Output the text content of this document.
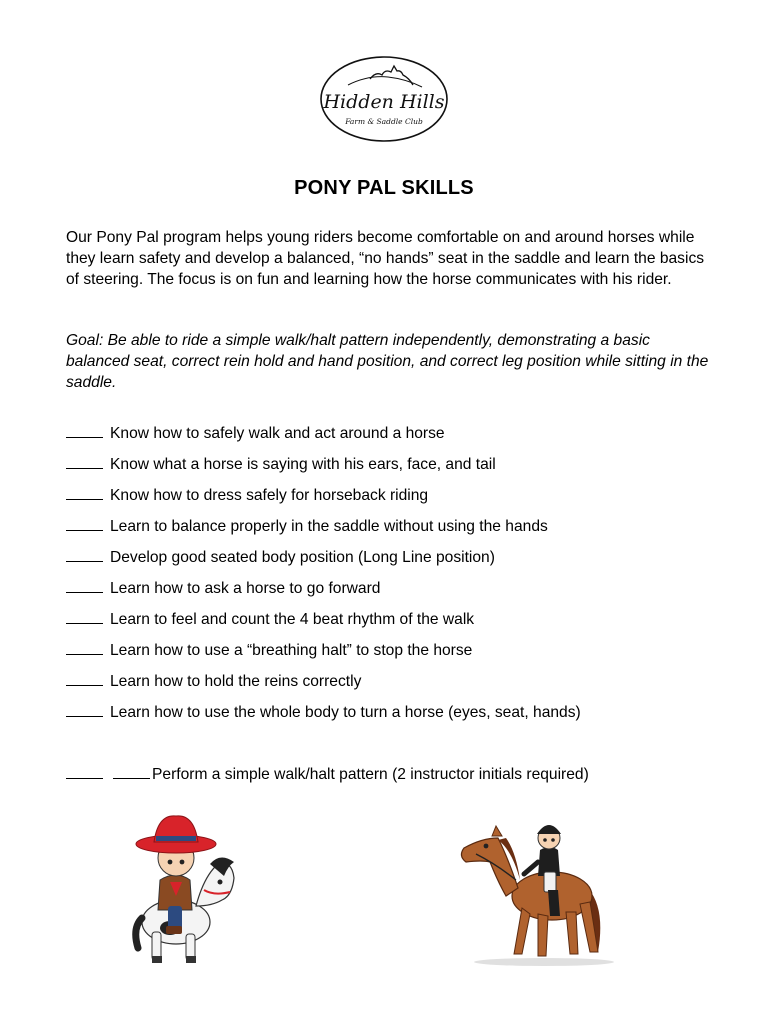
Hidden Hills
Farm & Saddle Club
PONY PAL SKILLS
Our Pony Pal program helps young riders become comfortable on and around horses while they learn safety and develop a balanced, “no hands” seat in the saddle and learn the basics of steering. The focus is on fun and learning how the horse communicates with his rider.
Goal: Be able to ride a simple walk/halt pattern independently, demonstrating a basic balanced seat, correct rein hold and hand position, and correct leg position while sitting in the saddle.
Know how to safely walk and act around a horse
Know what a horse is saying with his ears, face, and tail
Know how to dress safely for horseback riding
Learn to balance properly in the saddle without using the hands
Develop good seated body position (Long Line position)
Learn how to ask a horse to go forward
Learn to feel and count the 4 beat rhythm of the walk
Learn how to use a “breathing halt” to stop the horse
Learn how to hold the reins correctly
Learn how to use the whole body to turn a horse (eyes, seat, hands)
Perform a simple walk/halt pattern (2 instructor initials required)
